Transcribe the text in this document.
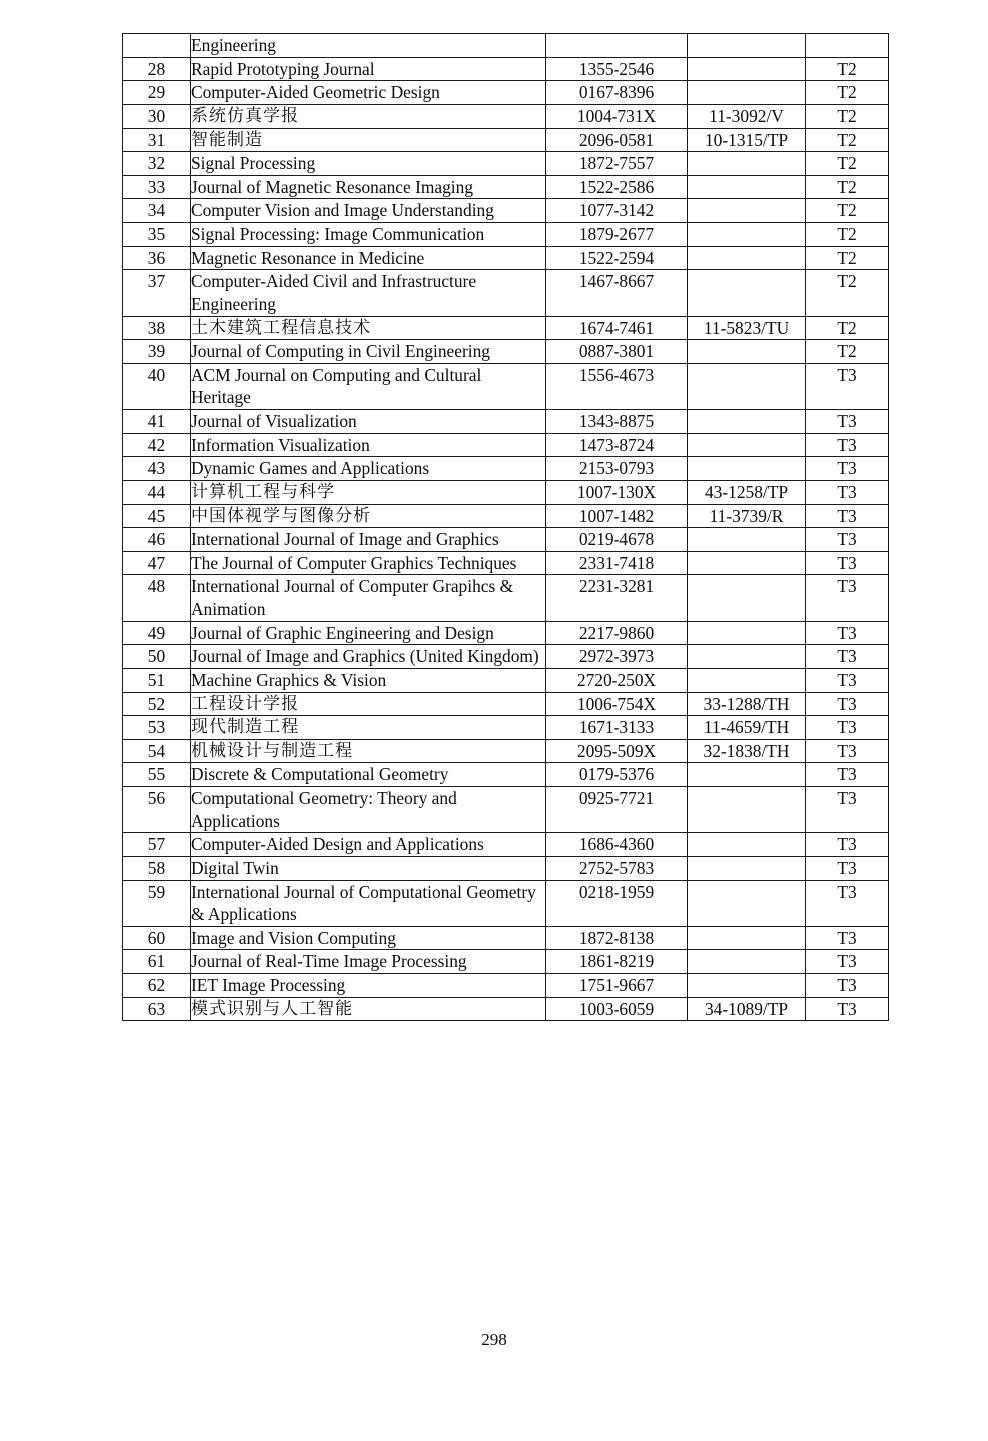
	Engineering			
28	Rapid Prototyping Journal	1355-2546		T2
29	Computer-Aided Geometric Design	0167-8396		T2
30	系统仿真学报	1004-731X	11-3092/V	T2
31	智能制造	2096-0581	10-1315/TP	T2
32	Signal Processing	1872-7557		T2
33	Journal of Magnetic Resonance Imaging	1522-2586		T2
34	Computer Vision and Image Understanding	1077-3142		T2
35	Signal Processing: Image Communication	1879-2677		T2
36	Magnetic Resonance in Medicine	1522-2594		T2
37	Computer-Aided Civil and Infrastructure Engineering	1467-8667		T2
38	土木建筑工程信息技术	1674-7461	11-5823/TU	T2
39	Journal of Computing in Civil Engineering	0887-3801		T2
40	ACM Journal on Computing and Cultural Heritage	1556-4673		T3
41	Journal of Visualization	1343-8875		T3
42	Information Visualization	1473-8724		T3
43	Dynamic Games and Applications	2153-0793		T3
44	计算机工程与科学	1007-130X	43-1258/TP	T3
45	中国体视学与图像分析	1007-1482	11-3739/R	T3
46	International Journal of Image and Graphics	0219-4678		T3
47	The Journal of Computer Graphics Techniques	2331-7418		T3
48	International Journal of Computer Grapihcs & Animation	2231-3281		T3
49	Journal of Graphic Engineering and Design	2217-9860		T3
50	Journal of Image and Graphics (United Kingdom)	2972-3973		T3
51	Machine Graphics & Vision	2720-250X		T3
52	工程设计学报	1006-754X	33-1288/TH	T3
53	现代制造工程	1671-3133	11-4659/TH	T3
54	机械设计与制造工程	2095-509X	32-1838/TH	T3
55	Discrete & Computational Geometry	0179-5376		T3
56	Computational Geometry: Theory and Applications	0925-7721		T3
57	Computer-Aided Design and Applications	1686-4360		T3
58	Digital Twin	2752-5783		T3
59	International Journal of Computational Geometry & Applications	0218-1959		T3
60	Image and Vision Computing	1872-8138		T3
61	Journal of Real-Time Image Processing	1861-8219		T3
62	IET Image Processing	1751-9667		T3
63	模式识别与人工智能	1003-6059	34-1089/TP	T3
298
